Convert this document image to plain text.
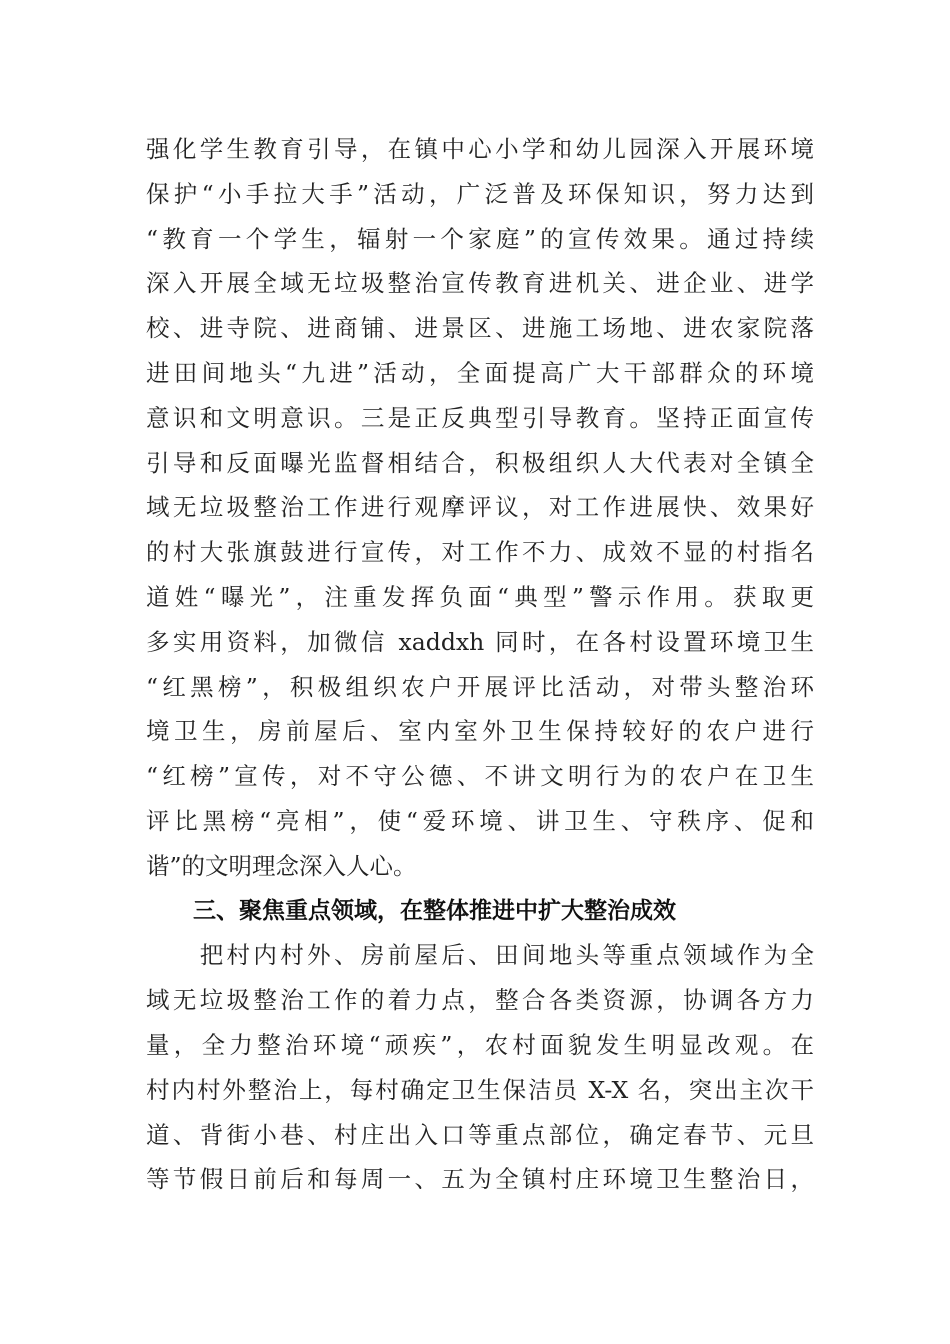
强化学生教育引导，在镇中心小学和幼儿园深入开展环境
保护“小手拉大手”活动，广泛普及环保知识，努力达到
“教育一个学生，辐射一个家庭”的宣传效果。通过持续
深入开展全域无垃圾整治宣传教育进机关、进企业、进学
校、进寺院、进商铺、进景区、进施工场地、进农家院落
进田间地头“九进”活动，全面提高广大干部群众的环境
意识和文明意识。三是正反典型引导教育。坚持正面宣传
引导和反面曝光监督相结合，积极组织人大代表对全镇全
域无垃圾整治工作进行观摩评议，对工作进展快、效果好
的村大张旗鼓进行宣传，对工作不力、成效不显的村指名
道姓“曝光”，注重发挥负面“典型”警示作用。获取更
多实用资料，加微信 xaddxh 同时，在各村设置环境卫生
“红黑榜”，积极组织农户开展评比活动，对带头整治环
境卫生，房前屋后、室内室外卫生保持较好的农户进行
“红榜”宣传，对不守公德、不讲文明行为的农户在卫生
评比黑榜“亮相”，使“爱环境、讲卫生、守秩序、促和
谐”的文明理念深入人心。
三、聚焦重点领域，在整体推进中扩大整治成效
　　把村内村外、房前屋后、田间地头等重点领域作为全
域无垃圾整治工作的着力点，整合各类资源，协调各方力
量，全力整治环境“顽疾”，农村面貌发生明显改观。在
村内村外整治上，每村确定卫生保洁员 X-X 名，突出主次干
道、背街小巷、村庄出入口等重点部位，确定春节、元旦
等节假日前后和每周一、五为全镇村庄环境卫生整治日，
